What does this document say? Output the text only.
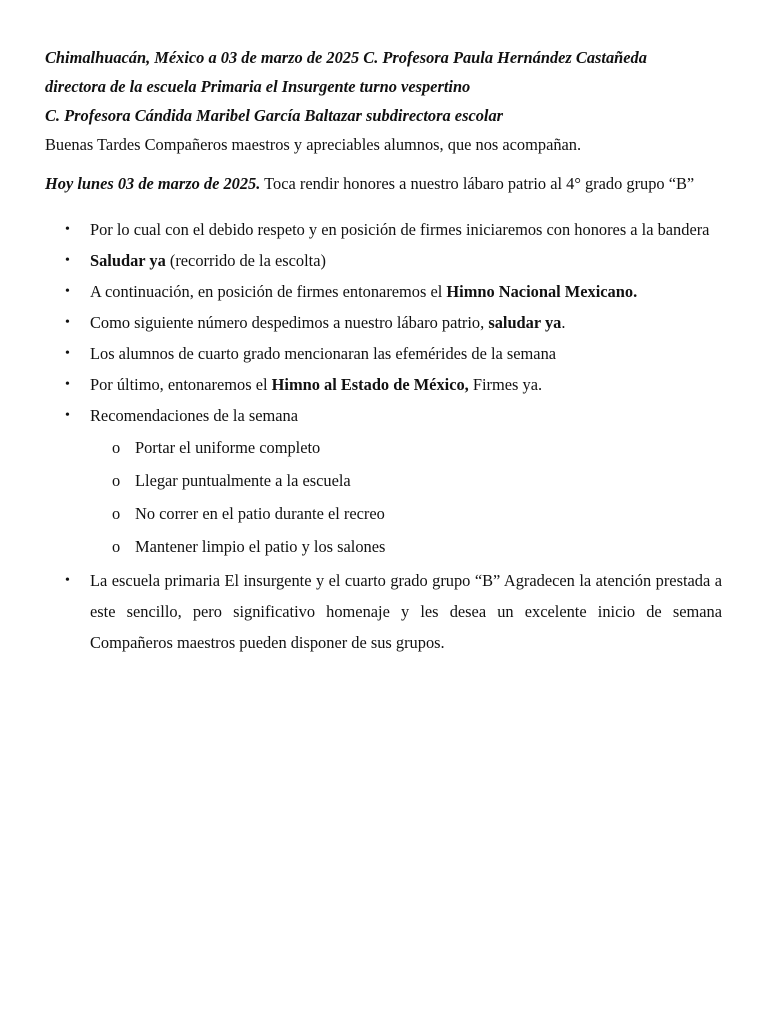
Chimalhuacán, México a 03 de marzo de 2025 C. Profesora Paula Hernández Castañeda

directora de la escuela Primaria el Insurgente turno vespertino

C. Profesora Cándida Maribel García Baltazar subdirectora escolar

Buenas Tardes Compañeros maestros y apreciables alumnos, que nos acompañan.

Hoy lunes 03 de marzo de 2025. Toca rendir honores a nuestro lábaro patrio al 4° grado grupo “B”

• Por lo cual con el debido respeto y en posición de firmes iniciaremos con honores a la bandera
• Saludar ya (recorrido de la escolta)
• A continuación, en posición de firmes entonaremos el Himno Nacional Mexicano.
• Como siguiente número despedimos a nuestro lábaro patrio, saludar ya.
• Los alumnos de cuarto grado mencionaran las efemérides de la semana
• Por último, entonaremos el Himno al Estado de México, Firmes ya.
• Recomendaciones de la semana
o Portar el uniforme completo
o Llegar puntualmente a la escuela
o No correr en el patio durante el recreo
o Mantener limpio el patio y los salones
• La escuela primaria El insurgente y el cuarto grado grupo “B” Agradecen la atención prestada a este sencillo, pero significativo homenaje y les desea un excelente inicio de semana Compañeros maestros pueden disponer de sus grupos.
